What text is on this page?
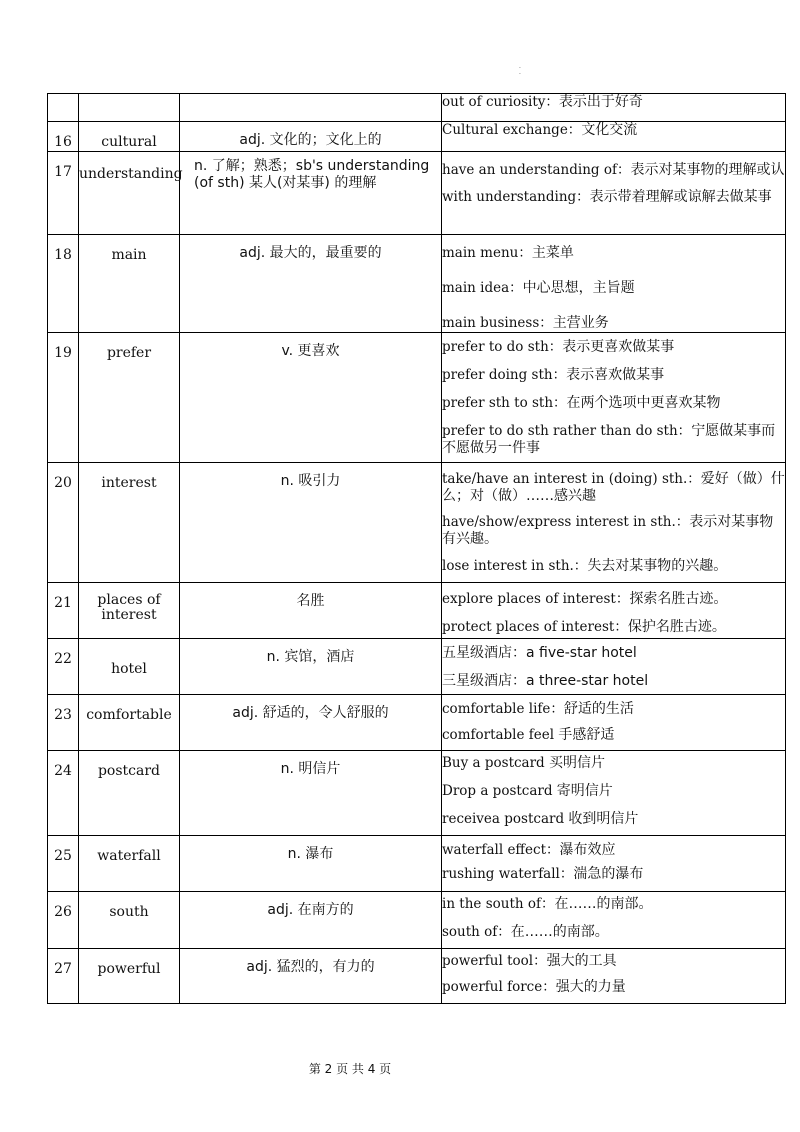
·
·

			out of curiosity：表示出于好奇

16	cultural	adj. 文化的；文化上的	Cultural exchange：文化交流

17	understanding	n. 了解；熟悉；sb's understanding (of sth) 某人(对某事) 的理解	have an understanding of：表示对某事物的理解或认
with understanding：表示带着理解或谅解去做某事

18	main	adj. 最大的，最重要的	main menu：主菜单
main idea：中心思想，主旨题
main business：主营业务

19	prefer	v. 更喜欢	prefer to do sth：表示更喜欢做某事
prefer doing sth：表示喜欢做某事
prefer sth to sth：在两个选项中更喜欢某物
prefer to do sth rather than do sth：宁愿做某事而不愿做另一件事

20	interest	n. 吸引力	take/have an interest in (doing) sth.：爱好（做）什么；对（做）……感兴趣
have/show/express interest in sth.：表示对某事物有兴趣。
lose interest in sth.：失去对某事物的兴趣。

21	places of interest	名胜	explore places of interest：探索名胜古迹。
protect places of interest：保护名胜古迹。

22	hotel	n. 宾馆，酒店	五星级酒店：a five-star hotel
三星级酒店：a three-star hotel

23	comfortable	adj. 舒适的，令人舒服的	comfortable life：舒适的生活
comfortable feel 手感舒适

24	postcard	n. 明信片	Buy a postcard 买明信片
Drop a postcard 寄明信片
receivea postcard 收到明信片

25	waterfall	n. 瀑布	waterfall effect：瀑布效应
rushing waterfall：湍急的瀑布

26	south	adj. 在南方的	in the south of：在……的南部。
south of：在……的南部。

27	powerful	adj. 猛烈的，有力的	powerful tool：强大的工具
powerful force：强大的力量
第 2 页 共 4 页
